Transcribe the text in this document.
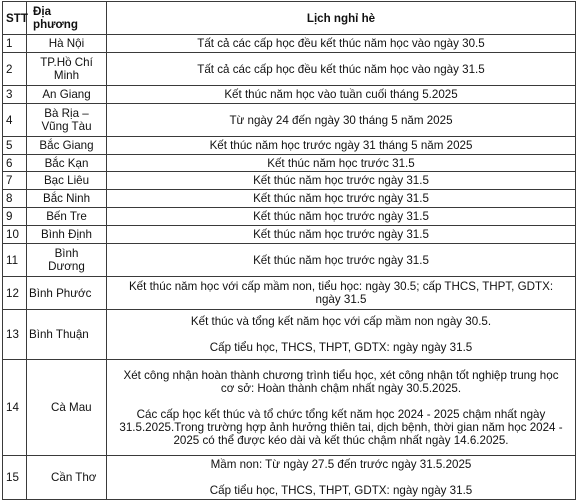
STT	Địa
phương	Lịch nghỉ hè
1	Hà Nội	Tất cả các cấp học đều kết thúc năm học vào ngày 30.5

2	TP.Hồ Chí
Minh	Tất cả các cấp học đều kết thúc năm học vào ngày 31.5

3	An Giang	Kết thúc năm học vào tuần cuối tháng 5.2025

4	Bà Rịa –
Vũng Tàu	Từ ngày 24 đến ngày 30 tháng 5 năm 2025

5	Bắc Giang	Kết thúc năm học trước ngày 31 tháng 5 năm 2025

6	Bắc Kạn	Kết thúc năm học trước 31.5

7	Bạc Liêu	Kết thúc năm học trước ngày 31.5

8	Bắc Ninh	Kết thúc năm học trước ngày 31.5

9	Bến Tre	Kết thúc năm học trước ngày 31.5

10	Bình Định	Kết thúc năm học trước ngày 31.5

11	Bình
Dương	Kết thúc năm học trước ngày 31.5

12	Bình Phước	Kết thúc năm học với cấp mầm non, tiểu học: ngày 30.5; cấp THCS, THPT, GDTX:
ngày 31.5

13	Bình Thuận	Kết thúc và tổng kết năm học với cấp mầm non ngày 30.5.
Cấp tiểu học, THCS, THPT, GDTX: ngày ngày 31.5

14	Cà Mau	Xét công nhận hoàn thành chương trình tiểu học, xét công nhận tốt nghiệp trung học
cơ sở: Hoàn thành chậm nhất ngày 30.5.2025.
Các cấp học kết thúc và tổ chức tổng kết năm học 2024 - 2025 chậm nhất ngày
31.5.2025.Trong trường hợp ảnh hưởng thiên tai, dịch bệnh, thời gian năm học 2024 -
2025 có thể được kéo dài và kết thúc chậm nhất ngày 14.6.2025.

15	Cần Thơ	Mầm non: Từ ngày 27.5 đến trước ngày 31.5.2025
Cấp tiểu học, THCS, THPT, GDTX: ngày ngày 31.5
